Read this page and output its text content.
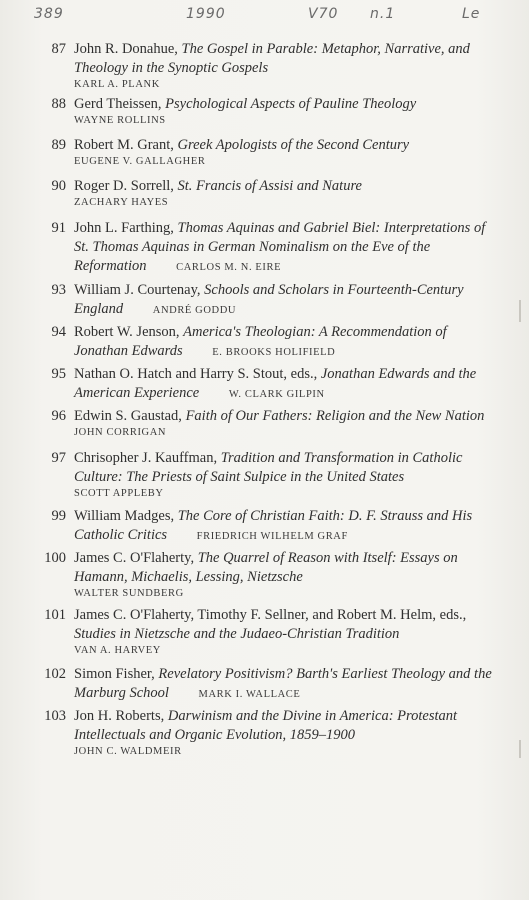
389	1990	V70 n.1	Le
87 John R. Donahue, The Gospel in Parable: Metaphor, Narrative, and Theology in the Synoptic Gospels
KARL A. PLANK
88 Gerd Theissen, Psychological Aspects of Pauline Theology
WAYNE ROLLINS
89 Robert M. Grant, Greek Apologists of the Second Century
EUGENE V. GALLAGHER
90 Roger D. Sorrell, St. Francis of Assisi and Nature
ZACHARY HAYES
91 John L. Farthing, Thomas Aquinas and Gabriel Biel: Interpretations of St. Thomas Aquinas in German Nominalism on the Eve of the Reformation	CARLOS M. N. EIRE
93 William J. Courtenay, Schools and Scholars in Fourteenth-Century England	ANDRÉ GODDU
94 Robert W. Jenson, America's Theologian: A Recommendation of Jonathan Edwards	E. BROOKS HOLIFIELD
95 Nathan O. Hatch and Harry S. Stout, eds., Jonathan Edwards and the American Experience	W. CLARK GILPIN
96 Edwin S. Gaustad, Faith of Our Fathers: Religion and the New Nation
JOHN CORRIGAN
97 Chrisopher J. Kauffman, Tradition and Transformation in Catholic Culture: The Priests of Saint Sulpice in the United States
SCOTT APPLEBY
99 William Madges, The Core of Christian Faith: D. F. Strauss and His Catholic Critics	FRIEDRICH WILHELM GRAF
100 James C. O'Flaherty, The Quarrel of Reason with Itself: Essays on Hamann, Michaelis, Lessing, Nietzsche
WALTER SUNDBERG
101 James C. O'Flaherty, Timothy F. Sellner, and Robert M. Helm, eds., Studies in Nietzsche and the Judaeo-Christian Tradition
VAN A. HARVEY
102 Simon Fisher, Revelatory Positivism? Barth's Earliest Theology and the Marburg School	MARK I. WALLACE
103 Jon H. Roberts, Darwinism and the Divine in America: Protestant Intellectuals and Organic Evolution, 1859–1900
JOHN C. WALDMEIR
